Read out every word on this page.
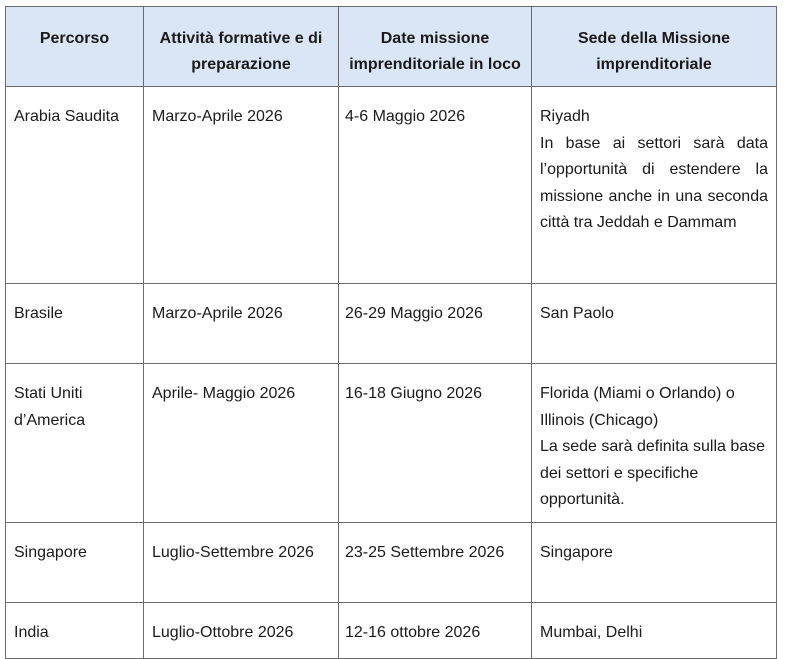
Percorso	Attività formative e di preparazione	Date missione imprenditoriale in loco	Sede della Missione imprenditoriale
Arabia Saudita	Marzo-Aprile 2026	4-6 Maggio 2026	Riyadh
In base ai settori sarà data l’opportunità di estendere la missione anche in una seconda città tra Jeddah e Dammam

Brasile	Marzo-Aprile 2026	26-29 Maggio 2026	San Paolo

Stati Uniti d’America	Aprile- Maggio 2026	16-18 Giugno 2026	Florida (Miami o Orlando) o Illinois (Chicago)
La sede sarà definita sulla base dei settori e specifiche opportunità.

Singapore	Luglio-Settembre 2026	23-25 Settembre 2026	Singapore

India	Luglio-Ottobre 2026	12-16 ottobre 2026	Mumbai, Delhi
